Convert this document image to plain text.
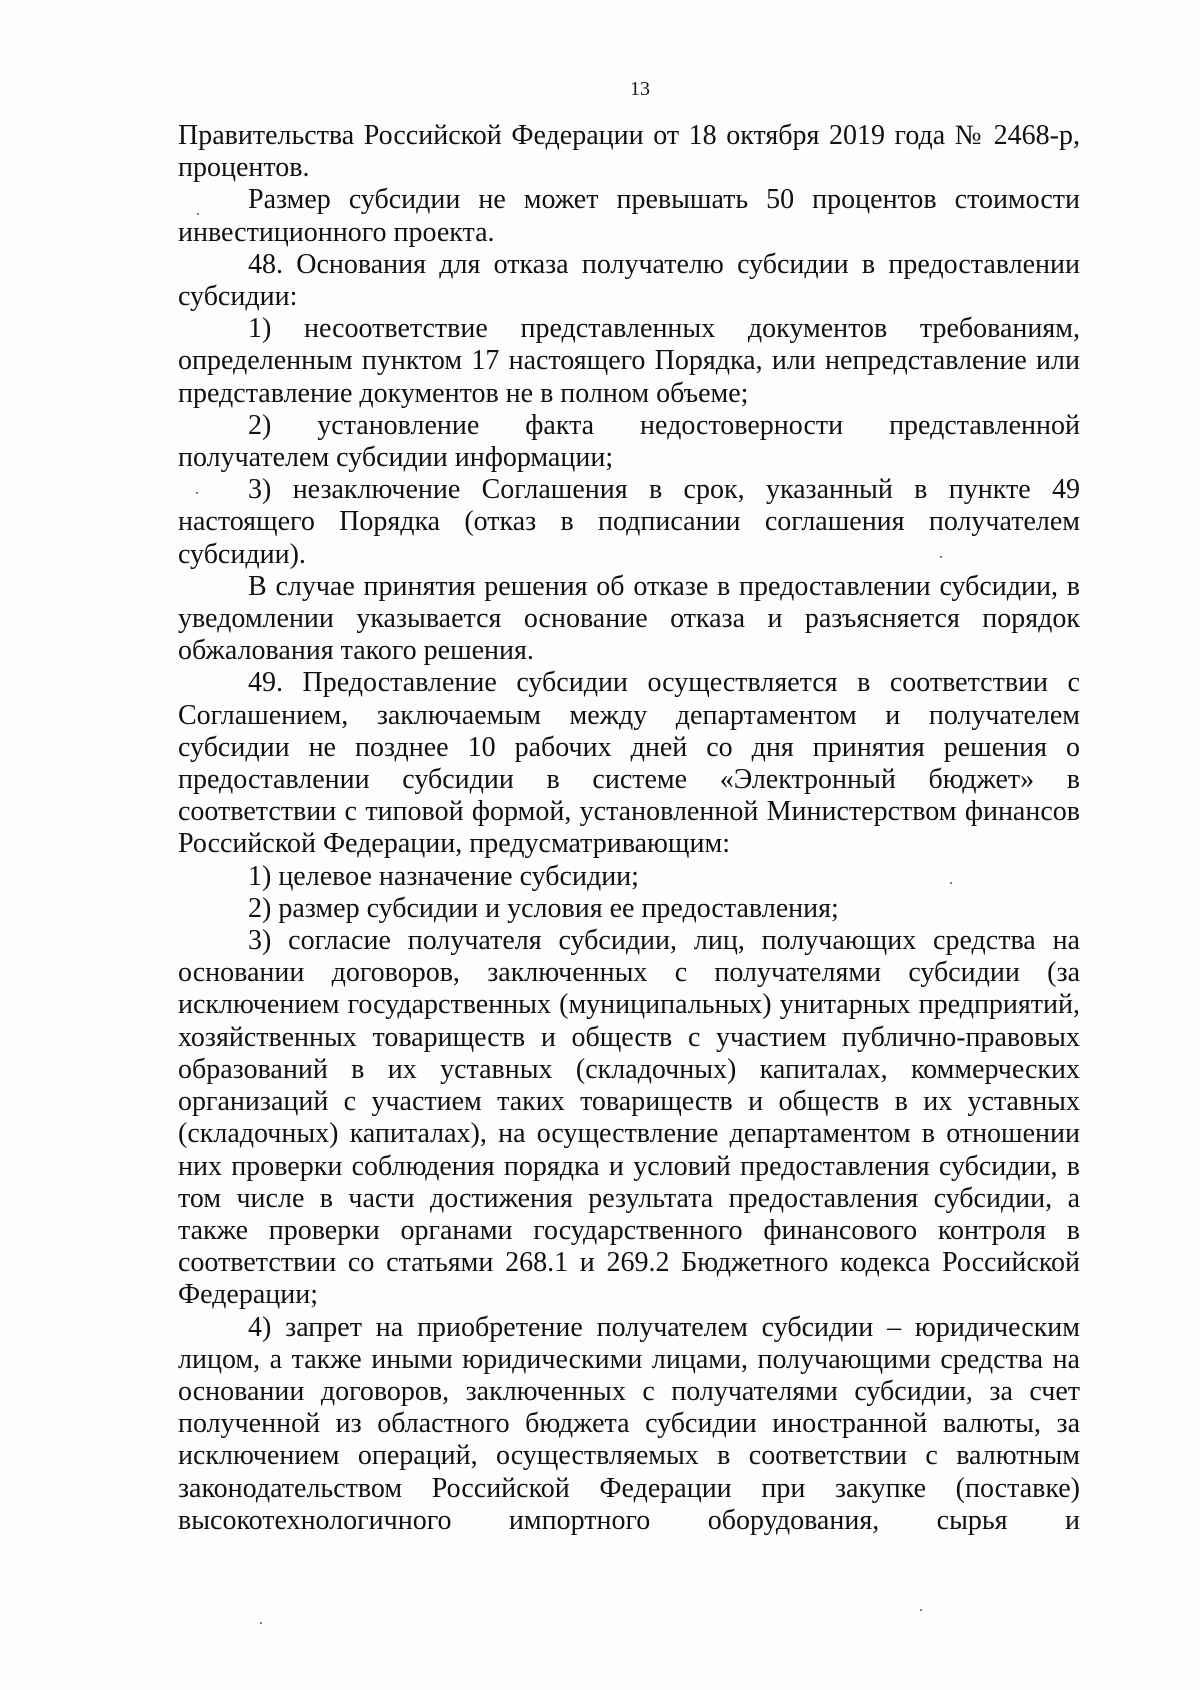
13

Правительства Российской Федерации от 18 октября 2019 года № 2468-р, процентов.

Размер субсидии не может превышать 50 процентов стоимости инвестиционного проекта.

48. Основания для отказа получателю субсидии в предоставлении субсидии:

1) несоответствие представленных документов требованиям, определенным пунктом 17 настоящего Порядка, или непредставление или представление документов не в полном объеме;

2) установление факта недостоверности представленной получателем субсидии информации;

3) незаключение Соглашения в срок, указанный в пункте 49 настоящего Порядка (отказ в подписании соглашения получателем субсидии).

В случае принятия решения об отказе в предоставлении субсидии, в уведомлении указывается основание отказа и разъясняется порядок обжалования такого решения.

49. Предоставление субсидии осуществляется в соответствии с Соглашением, заключаемым между департаментом и получателем субсидии не позднее 10 рабочих дней со дня принятия решения о предоставлении субсидии в системе «Электронный бюджет» в соответствии с типовой формой, установленной Министерством финансов Российской Федерации, предусматривающим:

1) целевое назначение субсидии;

2) размер субсидии и условия ее предоставления;

3) согласие получателя субсидии, лиц, получающих средства на основании договоров, заключенных с получателями субсидии (за исключением государственных (муниципальных) унитарных предприятий, хозяйственных товариществ и обществ с участием публично-правовых образований в их уставных (складочных) капиталах, коммерческих организаций с участием таких товариществ и обществ в их уставных (складочных) капиталах), на осуществление департаментом в отношении них проверки соблюдения порядка и условий предоставления субсидии, в том числе в части достижения результата предоставления субсидии, а также проверки органами государственного финансового контроля в соответствии со статьями 268.1 и 269.2 Бюджетного кодекса Российской Федерации;

4) запрет на приобретение получателем субсидии – юридическим лицом, а также иными юридическими лицами, получающими средства на основании договоров, заключенных с получателями субсидии, за счет полученной из областного бюджета субсидии иностранной валюты, за исключением операций, осуществляемых в соответствии с валютным законодательством Российской Федерации при закупке (поставке) высокотехнологичного импортного оборудования, сырья и
